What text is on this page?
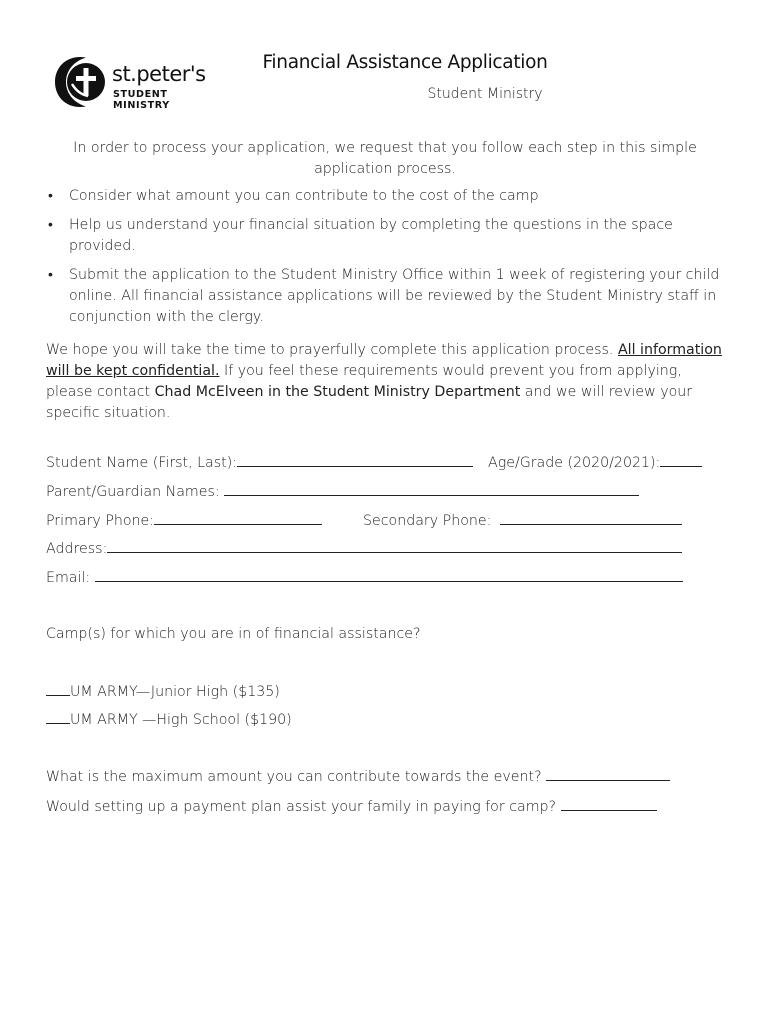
st.peter's
STUDENT MINISTRY
Financial Assistance Application
Student Ministry
In order to process your application, we request that you follow each step in this simple application process.
• Consider what amount you can contribute to the cost of the camp
• Help us understand your financial situation by completing the questions in the space provided.
• Submit the application to the Student Ministry Office within 1 week of registering your child online. All financial assistance applications will be reviewed by the Student Ministry staff in conjunction with the clergy.
We hope you will take the time to prayerfully complete this application process. All information will be kept confidential. If you feel these requirements would prevent you from applying, please contact Chad McElveen in the Student Ministry Department and we will review your specific situation.
Student Name (First, Last):	Age/Grade (2020/2021):
Parent/Guardian Names:
Primary Phone:	Secondary Phone:
Address:
Email:
Camp(s) for which you are in of financial assistance?
UM ARMY—Junior High ($135)
UM ARMY —High School ($190)
What is the maximum amount you can contribute towards the event?
Would setting up a payment plan assist your family in paying for camp?
